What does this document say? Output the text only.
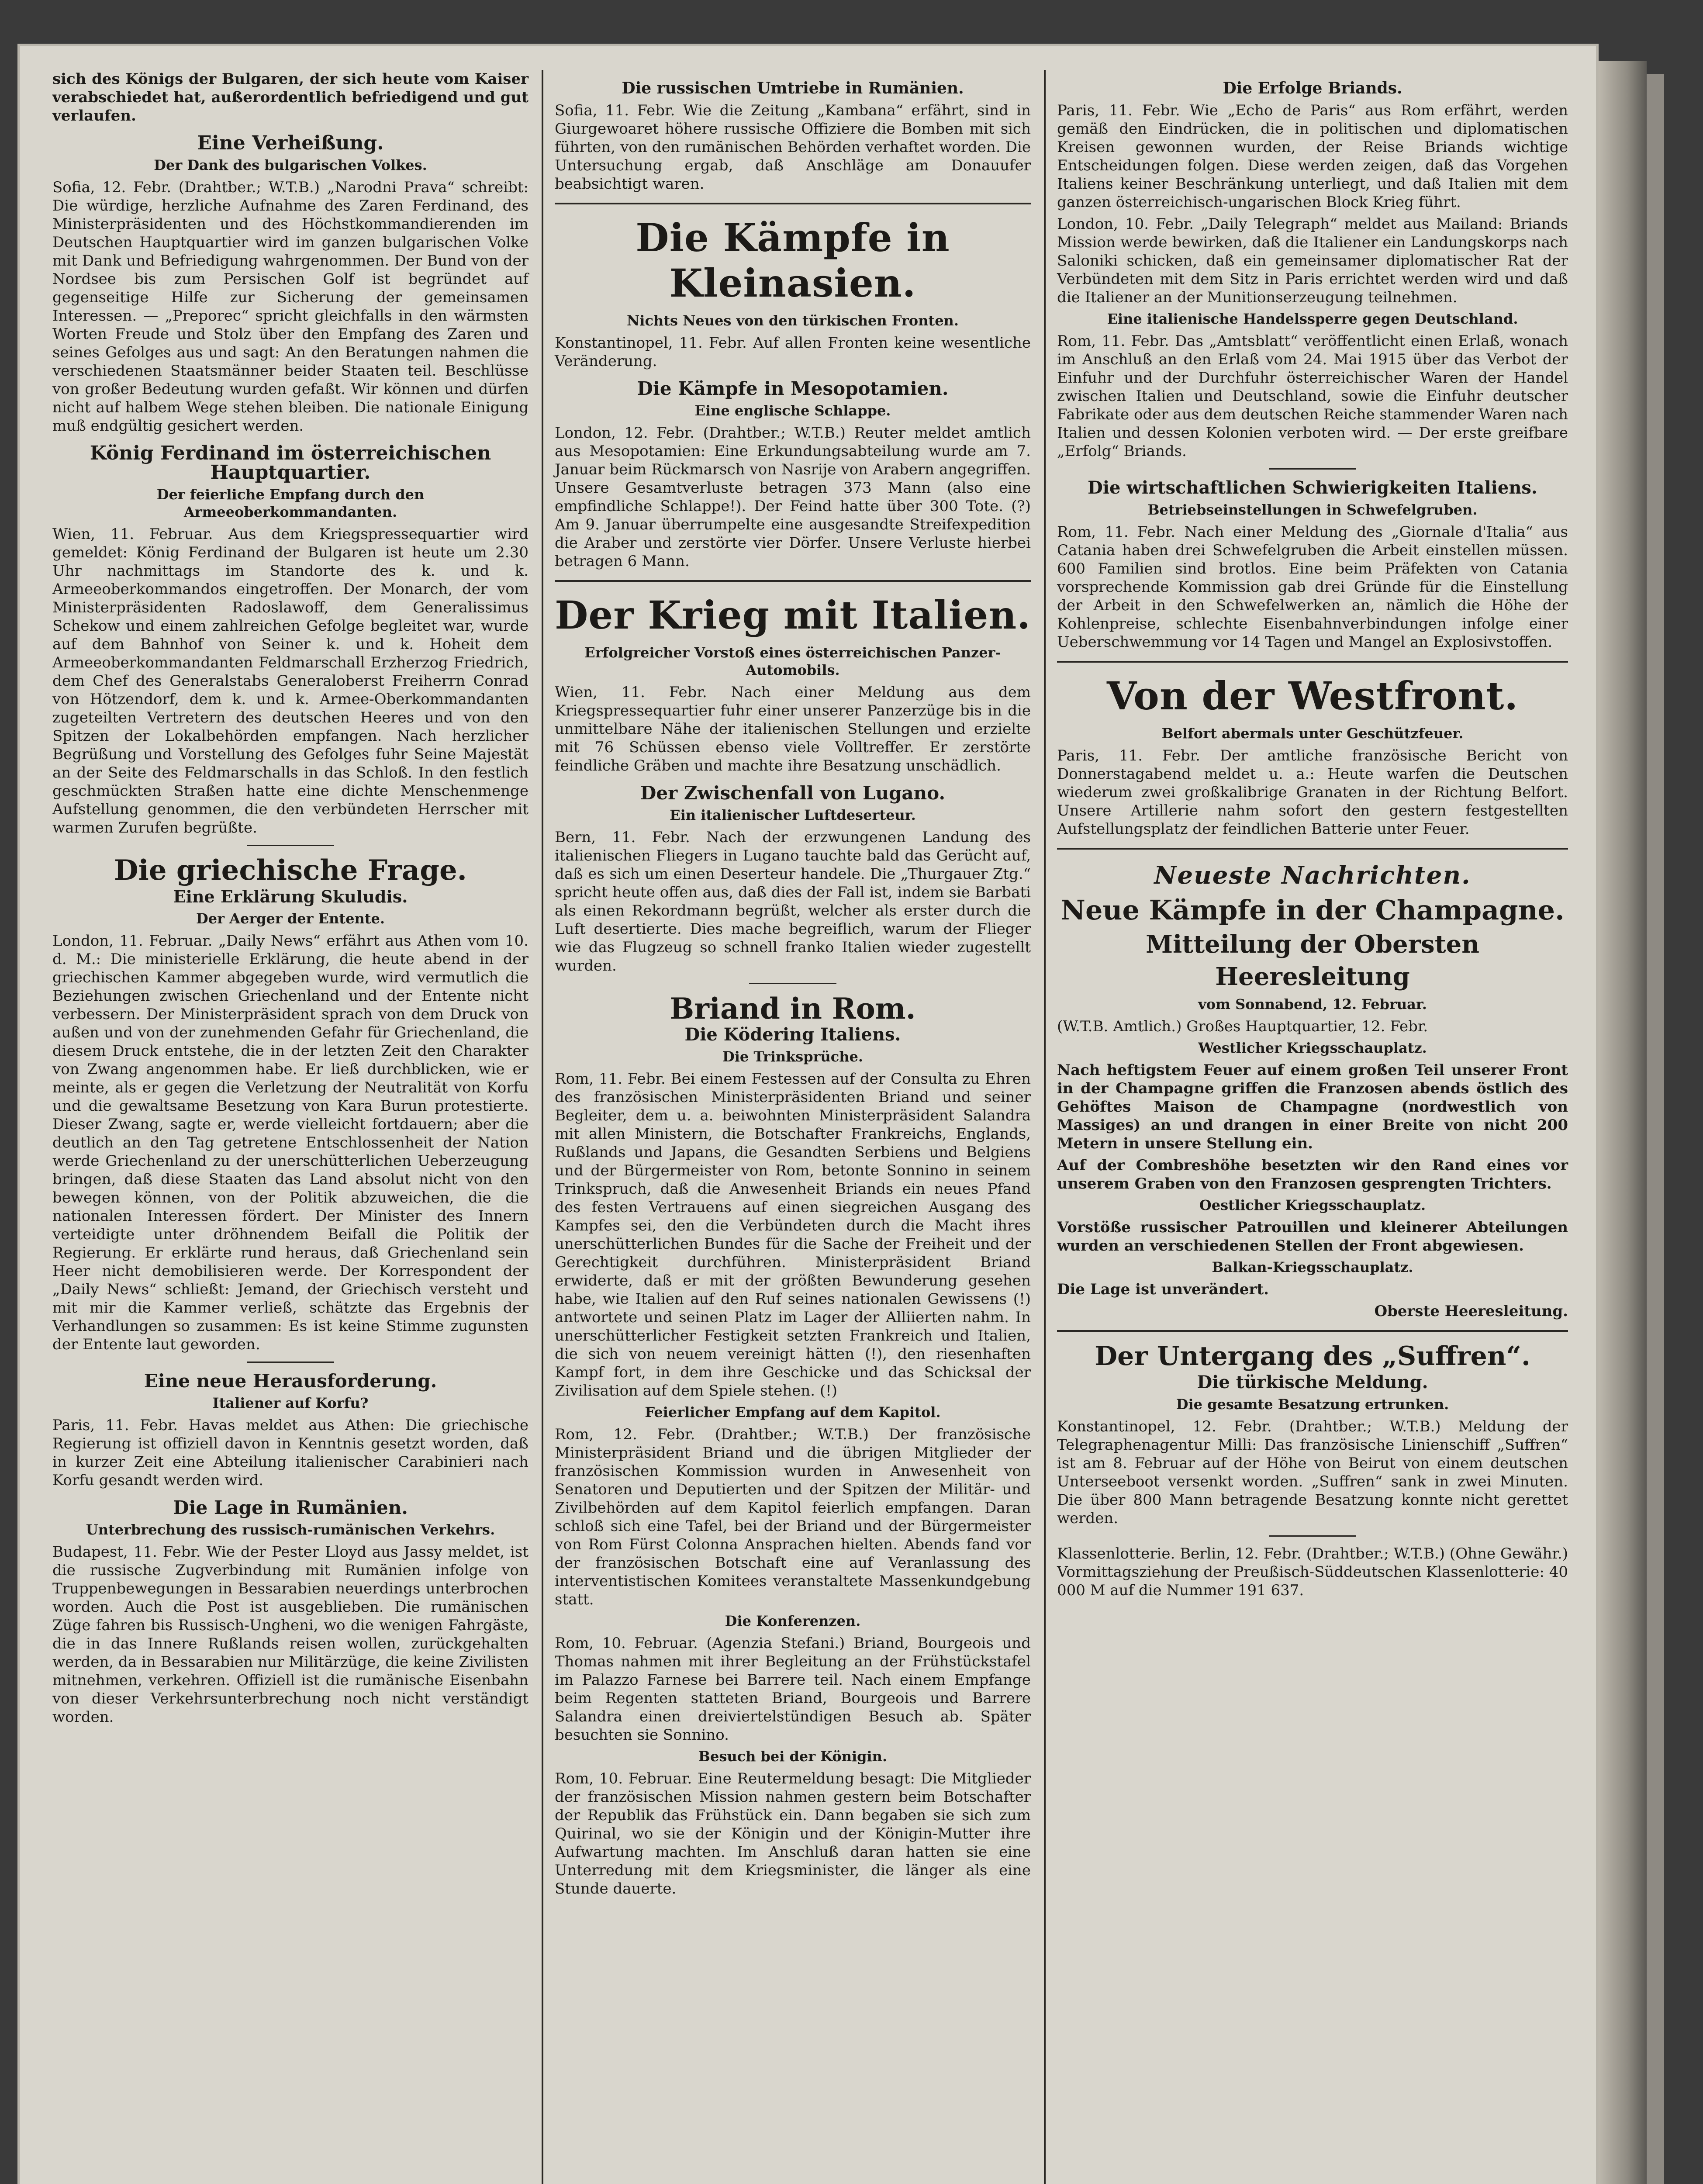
sich des Königs der Bulgaren, der sich heute vom Kaiser verabschiedet hat, außerordentlich befriedigend und gut verlaufen.

Eine Verheißung.
Der Dank des bulgarischen Volkes.

Sofia, 12. Febr. (Drahtber.; W.T.B.) „Narodni Prava“ schreibt: Die würdige, herzliche Aufnahme des Zaren Ferdinand, des Ministerpräsidenten und des Höchstkommandierenden im Deutschen Hauptquartier wird im ganzen bulgarischen Volke mit Dank und Befriedigung wahrgenommen. Der Bund von der Nordsee bis zum Persischen Golf ist begründet auf gegenseitige Hilfe zur Sicherung der gemeinsamen Interessen. — „Preporec“ spricht gleichfalls in den wärmsten Worten Freude und Stolz über den Empfang des Zaren und seines Gefolges aus und sagt: An den Beratungen nahmen die verschiedenen Staatsmänner beider Staaten teil. Beschlüsse von großer Bedeutung wurden gefaßt. Wir können und dürfen nicht auf halbem Wege stehen bleiben. Die nationale Einigung muß endgültig gesichert werden.

König Ferdinand im österreichischen Hauptquartier.
Der feierliche Empfang durch den Armeeoberkommandanten.

Wien, 11. Februar. Aus dem Kriegspressequartier wird gemeldet: König Ferdinand der Bulgaren ist heute um 2.30 Uhr nachmittags im Standorte des k. und k. Armeeoberkommandos eingetroffen. Der Monarch, der vom Ministerpräsidenten Radoslawoff, dem Generalissimus Schekow und einem zahlreichen Gefolge begleitet war, wurde auf dem Bahnhof von Seiner k. und k. Hoheit dem Armeeoberkommandanten Feldmarschall Erzherzog Friedrich, dem Chef des Generalstabs Generaloberst Freiherrn Conrad von Hötzendorf, dem k. und k. Armee-Oberkommandanten zugeteilten Vertretern des deutschen Heeres und von den Spitzen der Lokalbehörden empfangen. Nach herzlicher Begrüßung und Vorstellung des Gefolges fuhr Seine Majestät an der Seite des Feldmarschalls in das Schloß. In den festlich geschmückten Straßen hatte eine dichte Menschenmenge Aufstellung genommen, die den verbündeten Herrscher mit warmen Zurufen begrüßte.

Die griechische Frage.
Eine Erklärung Skuludis.
Der Aerger der Entente.

London, 11. Februar. „Daily News“ erfährt aus Athen vom 10. d. M.: Die ministerielle Erklärung, die heute abend in der griechischen Kammer abgegeben wurde, wird vermutlich die Beziehungen zwischen Griechenland und der Entente nicht verbessern. Der Ministerpräsident sprach von dem Druck von außen und von der zunehmenden Gefahr für Griechenland, die diesem Druck entstehe, die in der letzten Zeit den Charakter von Zwang angenommen habe. Er ließ durchblicken, wie er meinte, als er gegen die Verletzung der Neutralität von Korfu und die gewaltsame Besetzung von Kara Burun protestierte. Dieser Zwang, sagte er, werde vielleicht fortdauern; aber die deutlich an den Tag getretene Entschlossenheit der Nation werde Griechenland zu der unerschütterlichen Ueberzeugung bringen, daß diese Staaten das Land absolut nicht von den bewegen können, von der Politik abzuweichen, die die nationalen Interessen fördert. Der Minister des Innern verteidigte unter dröhnendem Beifall die Politik der Regierung. Er erklärte rund heraus, daß Griechenland sein Heer nicht demobilisieren werde. Der Korrespondent der „Daily News“ schließt: Jemand, der Griechisch versteht und mit mir die Kammer verließ, schätzte das Ergebnis der Verhandlungen so zusammen: Es ist keine Stimme zugunsten der Entente laut geworden.

Eine neue Herausforderung.
Italiener auf Korfu?

Paris, 11. Febr. Havas meldet aus Athen: Die griechische Regierung ist offiziell davon in Kenntnis gesetzt worden, daß in kurzer Zeit eine Abteilung italienischer Carabinieri nach Korfu gesandt werden wird.

Die Lage in Rumänien.
Unterbrechung des russisch-rumänischen Verkehrs.

Budapest, 11. Febr. Wie der Pester Lloyd aus Jassy meldet, ist die russische Zugverbindung mit Rumänien infolge von Truppenbewegungen in Bessarabien neuerdings unterbrochen worden. Auch die Post ist ausgeblieben. Die rumänischen Züge fahren bis Russisch-Ungheni, wo die wenigen Fahrgäste, die in das Innere Rußlands reisen wollen, zurückgehalten werden, da in Bessarabien nur Militärzüge, die keine Zivilisten mitnehmen, verkehren. Offiziell ist die rumänische Eisenbahn von dieser Verkehrsunterbrechung noch nicht verständigt worden.

Die russischen Umtriebe in Rumänien.

Sofia, 11. Febr. Wie die Zeitung „Kambana“ erfährt, sind in Giurgewoaret höhere russische Offiziere die Bomben mit sich führten, von den rumänischen Behörden verhaftet worden. Die Untersuchung ergab, daß Anschläge am Donauufer beabsichtigt waren.

Die Kämpfe in Kleinasien.
Nichts Neues von den türkischen Fronten.

Konstantinopel, 11. Febr. Auf allen Fronten keine wesentliche Veränderung.

Die Kämpfe in Mesopotamien.
Eine englische Schlappe.

London, 12. Febr. (Drahtber.; W.T.B.) Reuter meldet amtlich aus Mesopotamien: Eine Erkundungsabteilung wurde am 7. Januar beim Rückmarsch von Nasrije von Arabern angegriffen. Unsere Gesamtverluste betragen 373 Mann (also eine empfindliche Schlappe!). Der Feind hatte über 300 Tote. (?) Am 9. Januar überrumpelte eine ausgesandte Streifexpedition die Araber und zerstörte vier Dörfer. Unsere Verluste hierbei betragen 6 Mann.

Der Krieg mit Italien.
Erfolgreicher Vorstoß eines österreichischen Panzer-Automobils.

Wien, 11. Febr. Nach einer Meldung aus dem Kriegspressequartier fuhr einer unserer Panzerzüge bis in die unmittelbare Nähe der italienischen Stellungen und erzielte mit 76 Schüssen ebenso viele Volltreffer. Er zerstörte feindliche Gräben und machte ihre Besatzung unschädlich.

Der Zwischenfall von Lugano.
Ein italienischer Luftdeserteur.

Bern, 11. Febr. Nach der erzwungenen Landung des italienischen Fliegers in Lugano tauchte bald das Gerücht auf, daß es sich um einen Deserteur handele. Die „Thurgauer Ztg.“ spricht heute offen aus, daß dies der Fall ist, indem sie Barbati als einen Rekordmann begrüßt, welcher als erster durch die Luft desertierte. Dies mache begreiflich, warum der Flieger wie das Flugzeug so schnell franko Italien wieder zugestellt wurden.

Briand in Rom.
Die Ködering Italiens.
Die Trinksprüche.

Rom, 11. Febr. Bei einem Festessen auf der Consulta zu Ehren des französischen Ministerpräsidenten Briand und seiner Begleiter, dem u. a. beiwohnten Ministerpräsident Salandra mit allen Ministern, die Botschafter Frankreichs, Englands, Rußlands und Japans, die Gesandten Serbiens und Belgiens und der Bürgermeister von Rom, betonte Sonnino in seinem Trinkspruch, daß die Anwesenheit Briands ein neues Pfand des festen Vertrauens auf einen siegreichen Ausgang des Kampfes sei, den die Verbündeten durch die Macht ihres unerschütterlichen Bundes für die Sache der Freiheit und der Gerechtigkeit durchführen. Ministerpräsident Briand erwiderte, daß er mit der größten Bewunderung gesehen habe, wie Italien auf den Ruf seines nationalen Gewissens (!) antwortete und seinen Platz im Lager der Alliierten nahm. In unerschütterlicher Festigkeit setzten Frankreich und Italien, die sich von neuem vereinigt hätten (!), den riesenhaften Kampf fort, in dem ihre Geschicke und das Schicksal der Zivilisation auf dem Spiele stehen. (!)

Feierlicher Empfang auf dem Kapitol.

Rom, 12. Febr. (Drahtber.; W.T.B.) Der französische Ministerpräsident Briand und die übrigen Mitglieder der französischen Kommission wurden in Anwesenheit von Senatoren und Deputierten und der Spitzen der Militär- und Zivilbehörden auf dem Kapitol feierlich empfangen. Daran schloß sich eine Tafel, bei der Briand und der Bürgermeister von Rom Fürst Colonna Ansprachen hielten. Abends fand vor der französischen Botschaft eine auf Veranlassung des interventistischen Komitees veranstaltete Massenkundgebung statt.

Die Konferenzen.

Rom, 10. Februar. (Agenzia Stefani.) Briand, Bourgeois und Thomas nahmen mit ihrer Begleitung an der Frühstückstafel im Palazzo Farnese bei Barrere teil. Nach einem Empfange beim Regenten statteten Briand, Bourgeois und Barrere Salandra einen dreiviertelstündigen Besuch ab. Später besuchten sie Sonnino.

Besuch bei der Königin.

Rom, 10. Februar. Eine Reutermeldung besagt: Die Mitglieder der französischen Mission nahmen gestern beim Botschafter der Republik das Frühstück ein. Dann begaben sie sich zum Quirinal, wo sie der Königin und der Königin-Mutter ihre Aufwartung machten. Im Anschluß daran hatten sie eine Unterredung mit dem Kriegsminister, die länger als eine Stunde dauerte.

Die Erfolge Briands.

Paris, 11. Febr. Wie „Echo de Paris“ aus Rom erfährt, werden gemäß den Eindrücken, die in politischen und diplomatischen Kreisen gewonnen wurden, der Reise Briands wichtige Entscheidungen folgen. Diese werden zeigen, daß das Vorgehen Italiens keiner Beschränkung unterliegt, und daß Italien mit dem ganzen österreichisch-ungarischen Block Krieg führt.

London, 10. Febr. „Daily Telegraph“ meldet aus Mailand: Briands Mission werde bewirken, daß die Italiener ein Landungskorps nach Saloniki schicken, daß ein gemeinsamer diplomatischer Rat der Verbündeten mit dem Sitz in Paris errichtet werden wird und daß die Italiener an der Munitionserzeugung teilnehmen.

Eine italienische Handelssperre gegen Deutschland.

Rom, 11. Febr. Das „Amtsblatt“ veröffentlicht einen Erlaß, wonach im Anschluß an den Erlaß vom 24. Mai 1915 über das Verbot der Einfuhr und der Durchfuhr österreichischer Waren der Handel zwischen Italien und Deutschland, sowie die Einfuhr deutscher Fabrikate oder aus dem deutschen Reiche stammender Waren nach Italien und dessen Kolonien verboten wird. — Der erste greifbare „Erfolg“ Briands.

Die wirtschaftlichen Schwierigkeiten Italiens.
Betriebseinstellungen in Schwefelgruben.

Rom, 11. Febr. Nach einer Meldung des „Giornale d'Italia“ aus Catania haben drei Schwefelgruben die Arbeit einstellen müssen. 600 Familien sind brotlos. Eine beim Präfekten von Catania vorsprechende Kommission gab drei Gründe für die Einstellung der Arbeit in den Schwefelwerken an, nämlich die Höhe der Kohlenpreise, schlechte Eisenbahnverbindungen infolge einer Ueberschwemmung vor 14 Tagen und Mangel an Explosivstoffen.

Von der Westfront.
Belfort abermals unter Geschützfeuer.

Paris, 11. Febr. Der amtliche französische Bericht von Donnerstagabend meldet u. a.: Heute warfen die Deutschen wiederum zwei großkalibrige Granaten in der Richtung Belfort. Unsere Artillerie nahm sofort den gestern festgestellten Aufstellungsplatz der feindlichen Batterie unter Feuer.

Neueste Nachrichten.
Neue Kämpfe in der Champagne.
Mitteilung der Obersten Heeresleitung
vom Sonnabend, 12. Februar.

(W.T.B. Amtlich.) Großes Hauptquartier, 12. Febr.

Westlicher Kriegsschauplatz.

Nach heftigstem Feuer auf einem großen Teil unserer Front in der Champagne griffen die Franzosen abends östlich des Gehöftes Maison de Champagne (nordwestlich von Massiges) an und drangen in einer Breite von nicht 200 Metern in unsere Stellung ein.

Auf der Combreshöhe besetzten wir den Rand eines vor unserem Graben von den Franzosen gesprengten Trichters.

Oestlicher Kriegsschauplatz.

Vorstöße russischer Patrouillen und kleinerer Abteilungen wurden an verschiedenen Stellen der Front abgewiesen.

Balkan-Kriegsschauplatz.

Die Lage ist unverändert.

Oberste Heeresleitung.

Der Untergang des „Suffren“.
Die türkische Meldung.
Die gesamte Besatzung ertrunken.

Konstantinopel, 12. Febr. (Drahtber.; W.T.B.) Meldung der Telegraphenagentur Milli: Das französische Linienschiff „Suffren“ ist am 8. Februar auf der Höhe von Beirut von einem deutschen Unterseeboot versenkt worden. „Suffren“ sank in zwei Minuten. Die über 800 Mann betragende Besatzung konnte nicht gerettet werden.

Klassenlotterie. Berlin, 12. Febr. (Drahtber.; W.T.B.) (Ohne Gewähr.) Vormittagsziehung der Preußisch-Süddeutschen Klassenlotterie: 40 000 M auf die Nummer 191 637.
